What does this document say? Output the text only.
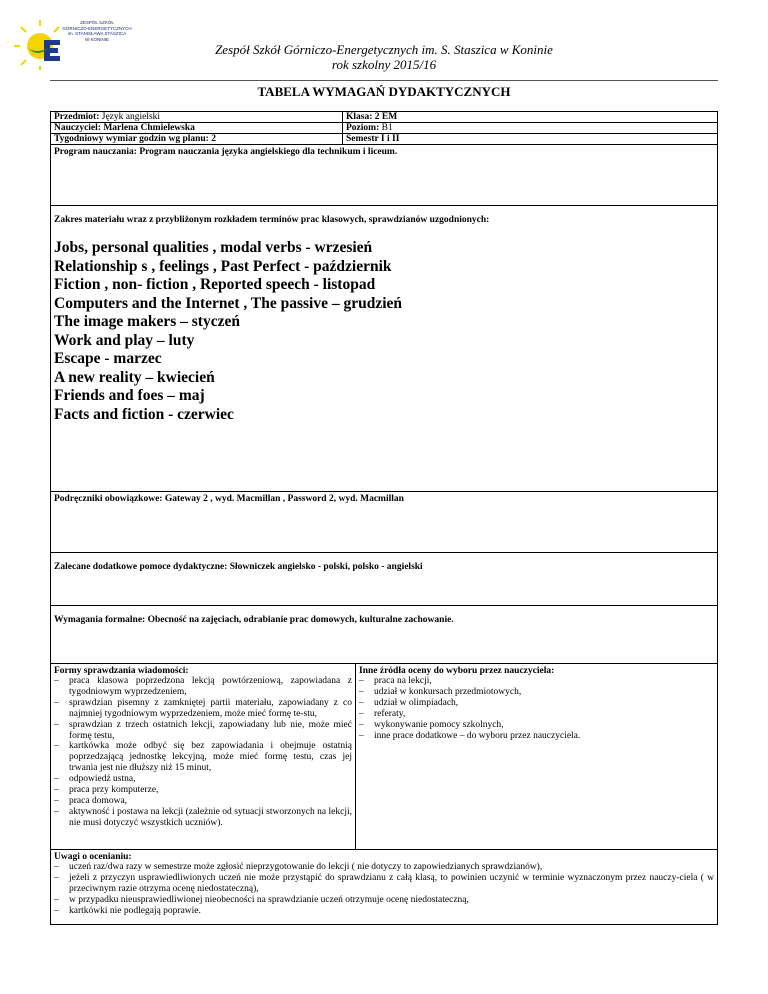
ZESPÓŁ SZKÓŁ
GÓRNICZO-ENERGETYCZNYCH
im. STANISŁAWA STASZICA
W KONINIE
Zespół Szkół Górniczo-Energetycznych im. S. Staszica w Koninie
rok szkolny 2015/16
TABELA WYMAGAŃ DYDAKTYCZNYCH
Przedmiot: Język angielski	Klasa: 2 EM
Nauczyciel: Marlena Chmielewska	Poziom: B1
Tygodniowy wymiar godzin wg planu: 2	Semestr I i II
Program nauczania: Program nauczania języka angielskiego dla technikum i liceum.
Zakres materiału wraz z przybliżonym rozkładem terminów prac klasowych, sprawdzianów uzgodnionych:
Jobs, personal qualities , modal verbs - wrzesień
Relationship s , feelings , Past Perfect - październik
Fiction , non- fiction , Reported speech - listopad
Computers and the Internet , The passive – grudzień
The image makers – styczeń
Work and play – luty
Escape - marzec
A new reality – kwiecień
Friends and foes – maj
Facts and fiction - czerwiec
Podręczniki obowiązkowe: Gateway 2 , wyd. Macmillan , Password 2, wyd. Macmillan
Zalecane dodatkowe pomoce dydaktyczne: Słowniczek angielsko - polski, polsko - angielski
Wymagania formalne: Obecność na zajęciach, odrabianie prac domowych, kulturalne zachowanie.
Formy sprawdzania wiadomości:
– praca klasowa poprzedzona lekcją powtórzeniową, zapowiadana z tygodniowym wyprzedzeniem,
– sprawdzian pisemny z zamkniętej partii materiału, zapowiadany z co najmniej tygodniowym wyprzedzeniem, może mieć formę te-stu,
– sprawdzian z trzech ostatnich lekcji, zapowiadany lub nie, może mieć formę testu,
– kartkówka może odbyć się bez zapowiadania i obejmuje ostatnią poprzedzającą jednostkę lekcyjną, może mieć formę testu, czas jej trwania jest nie dłuższy niż 15 minut,
– odpowiedź ustna,
– praca przy komputerze,
– praca domowa,
– aktywność i postawa na lekcji (zależnie od sytuacji stworzonych na lekcji, nie musi dotyczyć wszystkich uczniów).
Inne źródła oceny do wyboru przez nauczyciela:
– praca na lekcji,
– udział w konkursach przedmiotowych,
– udział w olimpiadach,
– referaty,
– wykonywanie pomocy szkolnych,
– inne prace dodatkowe – do wyboru przez nauczyciela.
Uwagi o ocenianiu:
– uczeń raz/dwa razy w semestrze może zgłosić nieprzygotowanie do lekcji ( nie dotyczy to zapowiedzianych sprawdzianów),
– jeżeli z przyczyn usprawiedliwionych uczeń nie może przystąpić do sprawdzianu z całą klasą, to powinien uczynić w terminie wyznaczonym przez nauczy-ciela ( w przeciwnym razie otrzyma ocenę niedostateczną),
– w przypadku nieusprawiedliwionej nieobecności na sprawdzianie uczeń otrzymuje ocenę niedostateczną,
– kartkówki nie podlegają poprawie.
